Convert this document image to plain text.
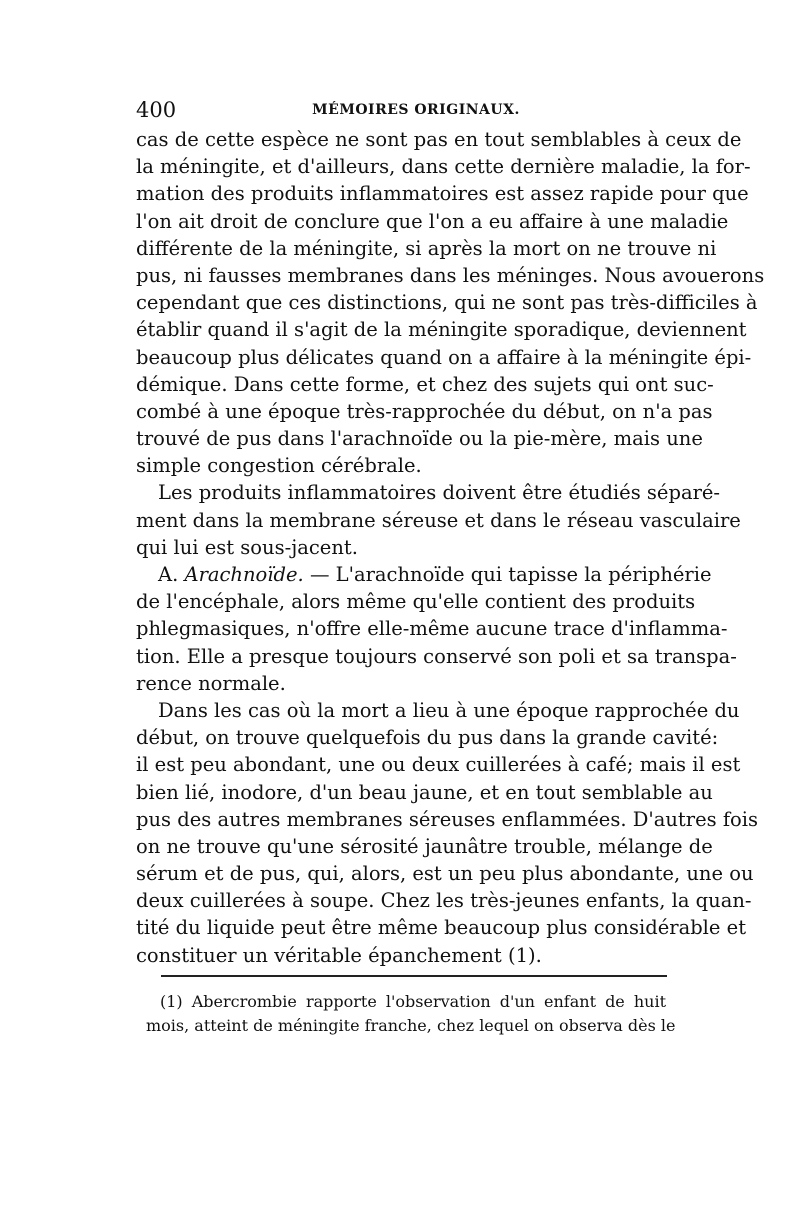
400	MÉMOIRES ORIGINAUX.
cas de cette espèce ne sont pas en tout semblables à ceux de
la méningite, et d'ailleurs, dans cette dernière maladie, la for-
mation des produits inflammatoires est assez rapide pour que
l'on ait droit de conclure que l'on a eu affaire à une maladie
différente de la méningite, si après la mort on ne trouve ni
pus, ni fausses membranes dans les méninges. Nous avouerons
cependant que ces distinctions, qui ne sont pas très-difficiles à
établir quand il s'agit de la méningite sporadique, deviennent
beaucoup plus délicates quand on a affaire à la méningite épi-
démique. Dans cette forme, et chez des sujets qui ont suc-
combé à une époque très-rapprochée du début, on n'a pas
trouvé de pus dans l'arachnoïde ou la pie-mère, mais une
simple congestion cérébrale.
Les produits inflammatoires doivent être étudiés séparé-
ment dans la membrane séreuse et dans le réseau vasculaire
qui lui est sous-jacent.
A. Arachnoïde. — L'arachnoïde qui tapisse la périphérie
de l'encéphale, alors même qu'elle contient des produits
phlegmasiques, n'offre elle-même aucune trace d'inflamma-
tion. Elle a presque toujours conservé son poli et sa transpa-
rence normale.
Dans les cas où la mort a lieu à une époque rapprochée du
début, on trouve quelquefois du pus dans la grande cavité:
il est peu abondant, une ou deux cuillerées à café; mais il est
bien lié, inodore, d'un beau jaune, et en tout semblable au
pus des autres membranes séreuses enflammées. D'autres fois
on ne trouve qu'une sérosité jaunâtre trouble, mélange de
sérum et de pus, qui, alors, est un peu plus abondante, une ou
deux cuillerées à soupe. Chez les très-jeunes enfants, la quan-
tité du liquide peut être même beaucoup plus considérable et
constituer un véritable épanchement (1).
(1) Abercrombie rapporte l'observation d'un enfant de huit
mois, atteint de méningite franche, chez lequel on observa dès le
